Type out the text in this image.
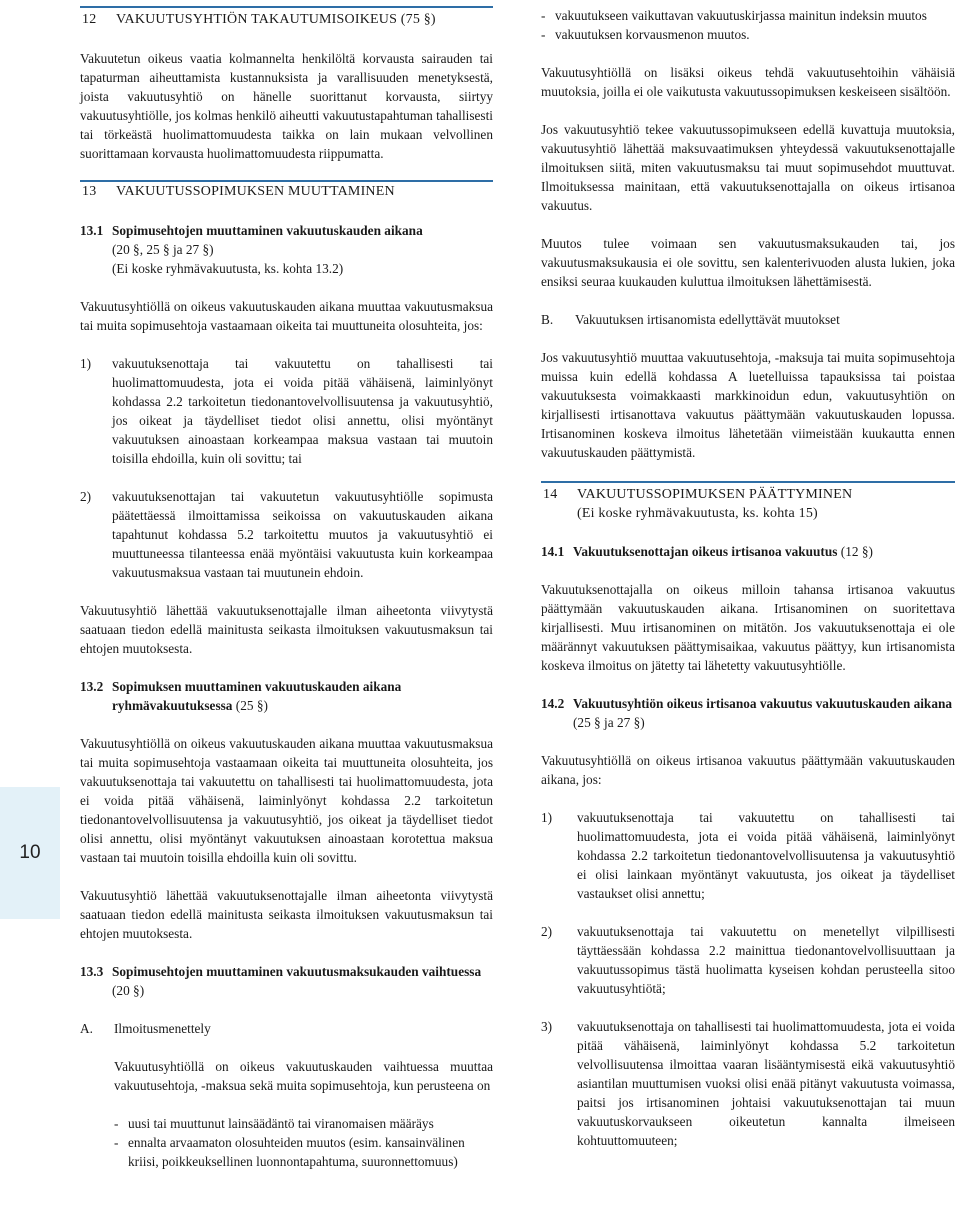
10
12 VAKUUTUSYHTIÖN TAKAUTUMISOIKEUS (75 §)

Vakuutetun oikeus vaatia kolmannelta henkilöltä korvausta sairauden tai tapaturman aiheuttamista kustannuksista ja varallisuuden menetyksestä, joista vakuutusyhtiö on hänelle suorittanut korvausta, siirtyy vakuutusyhtiölle, jos kolmas henkilö aiheutti vakuutustapahtuman tahallisesti tai törkeästä huolimattomuudesta taikka on lain mukaan velvollinen suorittamaan korvausta huolimattomuudesta riippumatta.

13 VAKUUTUSSOPIMUKSEN MUUTTAMINEN
13.1 Sopimusehtojen muuttaminen vakuutuskauden aikana
(20 §, 25 § ja 27 §)
(Ei koske ryhmävakuutusta, ks. kohta 13.2)

Vakuutusyhtiöllä on oikeus vakuutuskauden aikana muuttaa vakuutusmaksua tai muita sopimusehtoja vastaamaan oikeita tai muuttuneita olosuhteita, jos:

1)	vakuutuksenottaja tai vakuutettu on tahallisesti tai huolimattomuudesta, jota ei voida pitää vähäisenä, laiminlyönyt kohdassa 2.2 tarkoitetun tiedonantovelvollisuutensa ja vakuutusyhtiö, jos oikeat ja täydelliset tiedot olisi annettu, olisi myöntänyt vakuutuksen ainoastaan korkeampaa maksua vastaan tai muutoin toisilla ehdoilla, kuin oli sovittu; tai
2)	vakuutuksenottajan tai vakuutetun vakuutusyhtiölle sopimusta päätettäessä ilmoittamissa seikoissa on vakuutuskauden aikana tapahtunut kohdassa 5.2 tarkoitettu muutos ja vakuutusyhtiö ei muuttuneessa tilanteessa enää myöntäisi vakuutusta kuin korkeampaa vakuutusmaksua vastaan tai muutunein ehdoin.

Vakuutusyhtiö lähettää vakuutuksenottajalle ilman aiheetonta viivytystä saatuaan tiedon edellä mainitusta seikasta ilmoituksen vakuutusmaksun tai ehtojen muutoksesta.

13.2 Sopimuksen muuttaminen vakuutuskauden aikana ryhmävakuutuksessa (25 §)

Vakuutusyhtiöllä on oikeus vakuutuskauden aikana muuttaa vakuutusmaksua tai muita sopimusehtoja vastaamaan oikeita tai muuttuneita olosuhteita, jos vakuutuksenottaja tai vakuutettu on tahallisesti tai huolimattomuudesta, jota ei voida pitää vähäisenä, laiminlyönyt kohdassa 2.2 tarkoitetun tiedonantovelvollisuutensa ja vakuutusyhtiö, jos oikeat ja täydelliset tiedot olisi annettu, olisi myöntänyt vakuutuksen ainoastaan korotettua maksua vastaan tai muutoin toisilla ehdoilla kuin oli sovittu.

Vakuutusyhtiö lähettää vakuutuksenottajalle ilman aiheetonta viivytystä saatuaan tiedon edellä mainitusta seikasta ilmoituksen vakuutusmaksun tai ehtojen muutoksesta.

13.3 Sopimusehtojen muuttaminen vakuutusmaksukauden vaihtuessa (20 §)
A.	Ilmoitusmenettely

Vakuutusyhtiöllä on oikeus vakuutuskauden vaihtuessa muuttaa vakuutusehtoja, -maksua sekä muita sopimusehtoja, kun perusteena on

- uusi tai muuttunut lainsäädäntö tai viranomaisen määräys
- ennalta arvaamaton olosuhteiden muutos (esim. kansainvälinen kriisi, poikkeuksellinen luonnontapahtuma, suuronnettomuus)
- vakuutukseen vaikuttavan vakuutuskirjassa mainitun indeksin muutos
- vakuutuksen korvausmenon muutos.

Vakuutusyhtiöllä on lisäksi oikeus tehdä vakuutusehtoihin vähäisiä muutoksia, joilla ei ole vaikutusta vakuutussopimuksen keskeiseen sisältöön.

Jos vakuutusyhtiö tekee vakuutussopimukseen edellä kuvattuja muutoksia, vakuutusyhtiö lähettää maksuvaatimuksen yhteydessä vakuutuksenottajalle ilmoituksen siitä, miten vakuutusmaksu tai muut sopimusehdot muuttuvat. Ilmoituksessa mainitaan, että vakuutuksenottajalla on oikeus irtisanoa vakuutus.

Muutos tulee voimaan sen vakuutusmaksukauden tai, jos vakuutusmaksukausia ei ole sovittu, sen kalenterivuoden alusta lukien, joka ensiksi seuraa kuukauden kuluttua ilmoituksen lähettämisestä.

B.	Vakuutuksen irtisanomista edellyttävät muutokset

Jos vakuutusyhtiö muuttaa vakuutusehtoja, -maksuja tai muita sopimusehtoja muissa kuin edellä kohdassa A luetelluissa tapauksissa tai poistaa vakuutuksesta voimakkaasti markkinoidun edun, vakuutusyhtiön on kirjallisesti irtisanottava vakuutus päättymään vakuutuskauden lopussa. Irtisanominen koskeva ilmoitus lähetetään viimeistään kuukautta ennen vakuutuskauden päättymistä.

14 VAKUUTUSSOPIMUKSEN PÄÄTTYMINEN
(Ei koske ryhmävakuutusta, ks. kohta 15)
14.1 Vakuutuksenottajan oikeus irtisanoa vakuutus (12 §)

Vakuutuksenottajalla on oikeus milloin tahansa irtisanoa vakuutus päättymään vakuutuskauden aikana. Irtisanominen on suoritettava kirjallisesti. Muu irtisanominen on mitätön. Jos vakuutuksenottaja ei ole määrännyt vakuutuksen päättymisaikaa, vakuutus päättyy, kun irtisanomista koskeva ilmoitus on jätetty tai lähetetty vakuutusyhtiölle.

14.2 Vakuutusyhtiön oikeus irtisanoa vakuutus vakuutuskauden aikana (25 § ja 27 §)

Vakuutusyhtiöllä on oikeus irtisanoa vakuutus päättymään vakuutuskauden aikana, jos:

1)	vakuutuksenottaja tai vakuutettu on tahallisesti tai huolimattomuudesta, jota ei voida pitää vähäisenä, laiminlyönyt kohdassa 2.2 tarkoitetun tiedonantovelvollisuutensa ja vakuutusyhtiö ei olisi lainkaan myöntänyt vakuutusta, jos oikeat ja täydelliset vastaukset olisi annettu;
2)	vakuutuksenottaja tai vakuutettu on menetellyt vilpillisesti täyttäessään kohdassa 2.2 mainittua tiedonantovelvollisuuttaan ja vakuutussopimus tästä huolimatta kyseisen kohdan perusteella sitoo vakuutusyhtiötä;
3)	vakuutuksenottaja on tahallisesti tai huolimattomuudesta, jota ei voida pitää vähäisenä, laiminlyönyt kohdassa 5.2 tarkoitetun velvollisuutensa ilmoittaa vaaran lisääntymisestä eikä vakuutusyhtiö asiantilan muuttumisen vuoksi olisi enää pitänyt vakuutusta voimassa, paitsi jos irtisanominen johtaisi vakuutuksenottajan tai muun vakuutuskorvaukseen oikeutetun kannalta ilmeiseen kohtuuttomuuteen;
